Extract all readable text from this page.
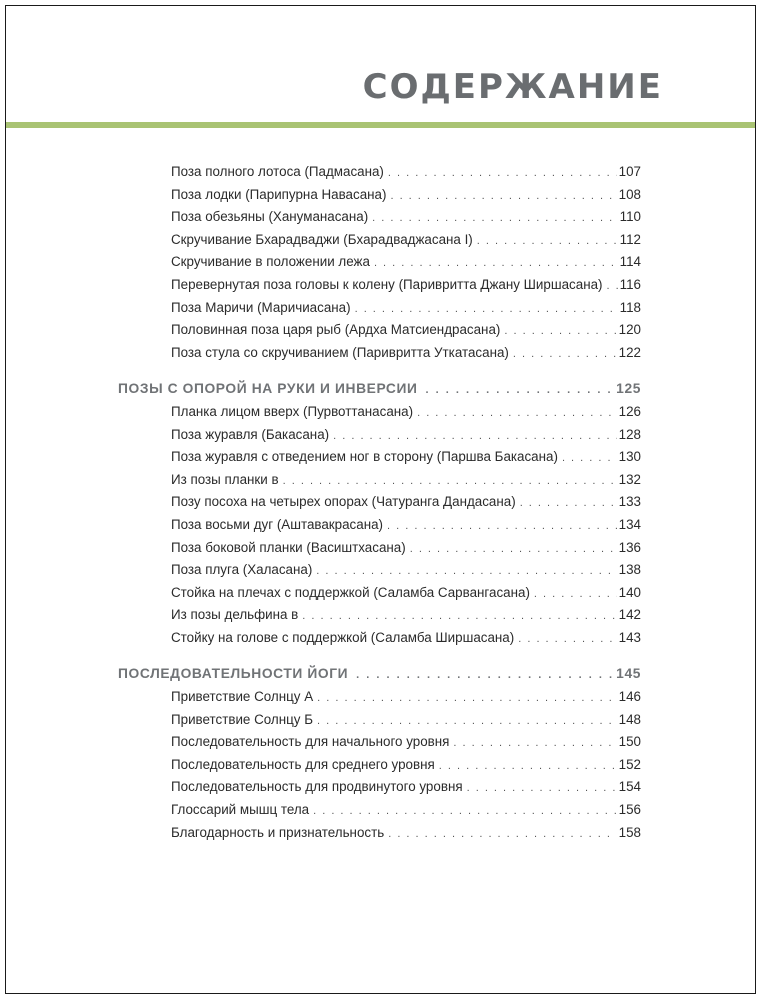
СОДЕРЖАНИЕ
Поза полного лотоса (Падмасана) . . .	107
Поза лодки (Парипурна Навасана) . . .	108
Поза обезьяны (Хануманасана) . . .	110
Скручивание Бхарадваджи (Бхарадваджасана I) . . .	112
Скручивание в положении лежа . . .	114
Перевернутая поза головы к колену (Паривритта Джану Ширшасана) . . . 116
Поза Маричи (Маричиасана) . . .	118
Половинная поза царя рыб (Ардха Матсиендрасана) . . .	120
Поза стула со скручиванием (Паривритта Уткатасана) . . .	122
ПОЗЫ С ОПОРОЙ НА РУКИ И ИНВЕРСИИ . . .	125
Планка лицом вверх (Пурвоттанасана) . . .	126
Поза журавля (Бакасана) . . .	128
Поза журавля с отведением ног в сторону (Паршва Бакасана) . . .	130
Из позы планки в . . .	132
Позу посоха на четырех опорах (Чатуранга Дандасана) . . .	133
Поза восьми дуг (Аштавакрасана) . . .	134
Поза боковой планки (Васиштхасана) . . .	136
Поза плуга (Халасана) . . .	138
Стойка на плечах с поддержкой (Саламба Сарвангасана) . . .	140
Из позы дельфина в . . .	142
Стойку на голове с поддержкой (Саламба Ширшасана) . . .	143
ПОСЛЕДОВАТЕЛЬНОСТИ ЙОГИ . . .	145
Приветствие Солнцу А . . .	146
Приветствие Солнцу Б . . .	148
Последовательность для начального уровня . . .	150
Последовательность для среднего уровня . . .	152
Последовательность для продвинутого уровня . . .	154
Глоссарий мышц тела . . .	156
Благодарность и признательность . . .	158
